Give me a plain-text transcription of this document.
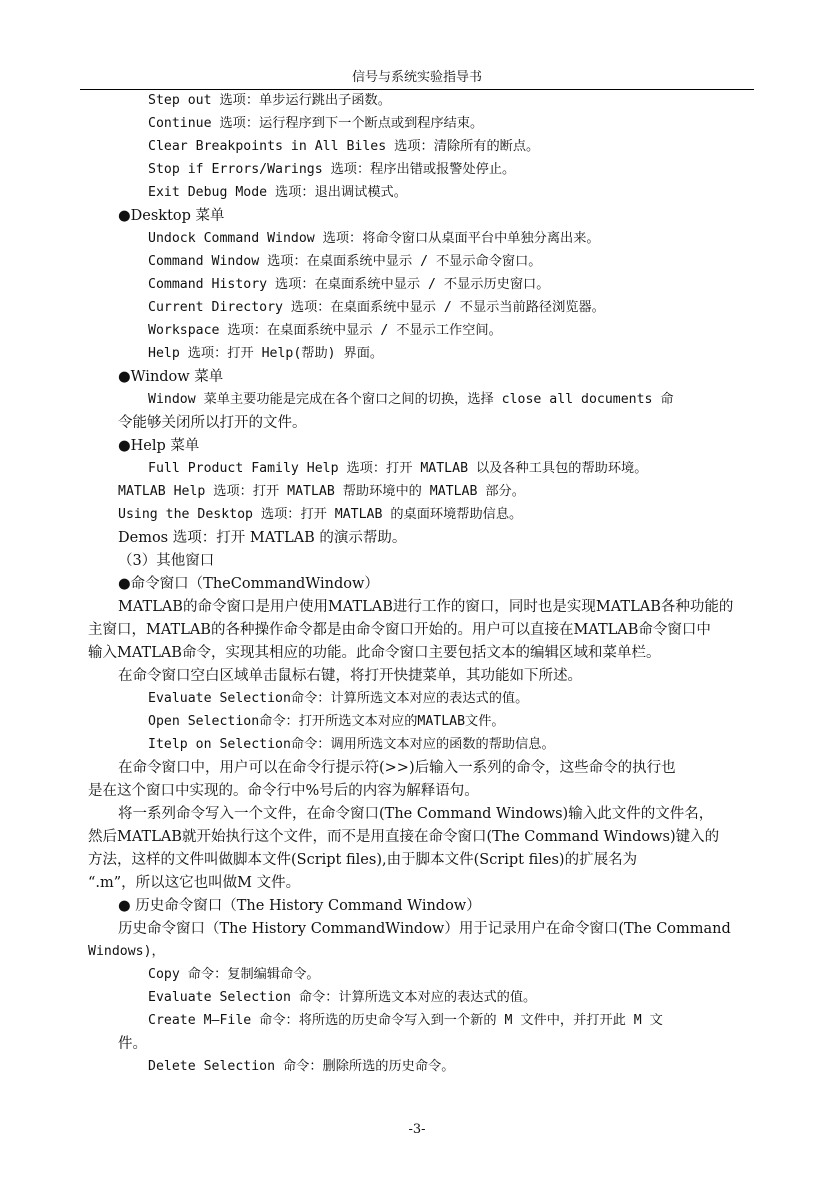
信号与系统实验指导书
Step out 选项：单步运行跳出子函数。
Continue 选项：运行程序到下一个断点或到程序结束。
Clear Breakpoints in All Biles 选项：清除所有的断点。
Stop if Errors/Warings 选项：程序出错或报警处停止。
Exit Debug Mode 选项：退出调试模式。
●Desktop 菜单
Undock Command Window 选项：将命令窗口从桌面平台中单独分离出来。
Command Window 选项：在桌面系统中显示 / 不显示命令窗口。
Command History 选项：在桌面系统中显示 / 不显示历史窗口。
Current Directory 选项：在桌面系统中显示 / 不显示当前路径浏览器。
Workspace 选项：在桌面系统中显示 / 不显示工作空间。
Help 选项：打开 Help(帮助) 界面。
●Window 菜单
Window 菜单主要功能是完成在各个窗口之间的切换，选择 close all documents 命
令能够关闭所以打开的文件。
●Help 菜单
Full Product Family Help 选项：打开 MATLAB 以及各种工具包的帮助环境。
MATLAB Help 选项：打开 MATLAB 帮助环境中的 MATLAB 部分。
Using the Desktop 选项：打开 MATLAB 的桌面环境帮助信息。
Demos 选项：打开 MATLAB 的演示帮助。
（3）其他窗口
●命令窗口（TheCommandWindow）
MATLAB的命令窗口是用户使用MATLAB进行工作的窗口，同时也是实现MATLAB各种功能的
主窗口，MATLAB的各种操作命令都是由命令窗口开始的。用户可以直接在MATLAB命令窗口中
输入MATLAB命令，实现其相应的功能。此命令窗口主要包括文本的编辑区域和菜单栏。
在命令窗口空白区域单击鼠标右键，将打开快捷菜单，其功能如下所述。
Evaluate Selection命令：计算所选文本对应的表达式的值。
Open Selection命令：打开所选文本对应的MATLAB文件。
Itelp on Selection命令：调用所选文本对应的函数的帮助信息。
在命令窗口中，用户可以在命令行提示符(>>)后输入一系列的命令，这些命令的执行也
是在这个窗口中实现的。命令行中%号后的内容为解释语句。
将一系列命令写入一个文件，在命令窗口(The Command Windows)输入此文件的文件名，
然后MATLAB就开始执行这个文件，而不是用直接在命令窗口(The Command Windows)键入的
方法，这样的文件叫做脚本文件(Script files),由于脚本文件(Script files)的扩展名为
“.m”，所以这它也叫做M 文件。
● 历史命令窗口（The History Command Window）
历史命令窗口（The History CommandWindow）用于记录用户在命令窗口(The Command
Windows)，
Copy 命令：复制编辑命令。
Evaluate Selection 命令：计算所选文本对应的表达式的值。
Create M—File 命令：将所选的历史命令写入到一个新的 M 文件中，并打开此 M 文
件。
Delete Selection 命令：删除所选的历史命令。
-3-
